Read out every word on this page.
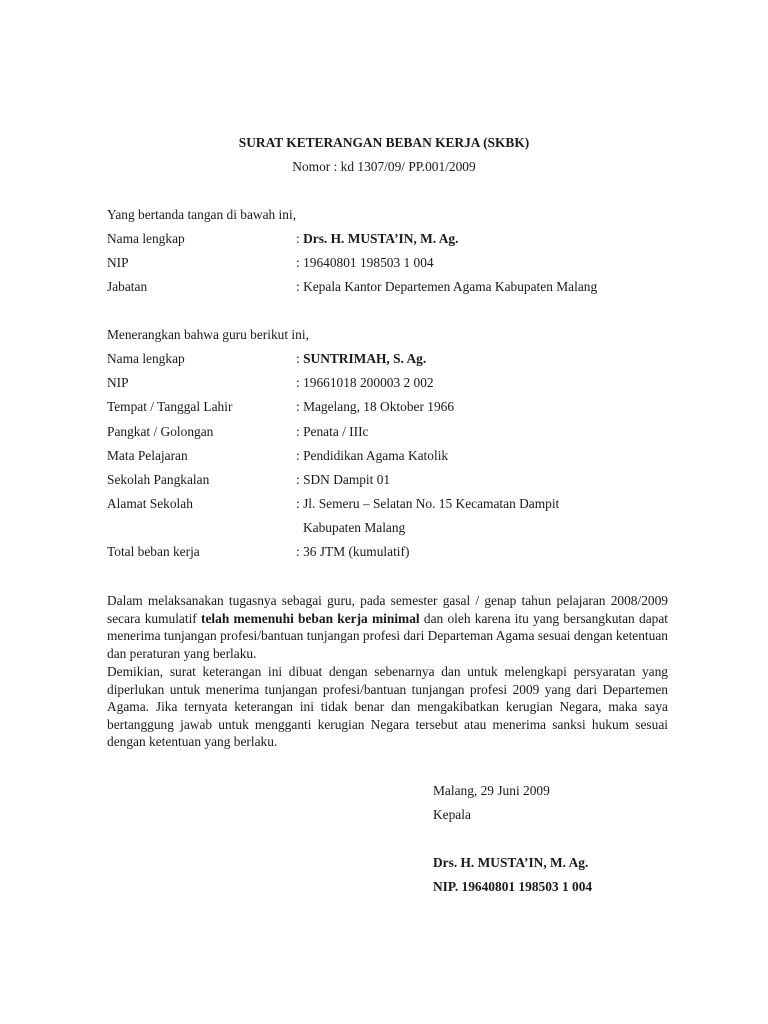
SURAT KETERANGAN BEBAN KERJA (SKBK)
Nomor : kd 1307/09/ PP.001/2009
Yang bertanda tangan di bawah ini,
Nama lengkap	: Drs. H. MUSTA’IN, M. Ag.
NIP	: 19640801 198503 1 004
Jabatan	: Kepala Kantor Departemen Agama Kabupaten Malang
Menerangkan bahwa guru berikut ini,
Nama lengkap	: SUNTRIMAH, S. Ag.
NIP	: 19661018 200003 2 002
Tempat / Tanggal Lahir	: Magelang, 18 Oktober 1966
Pangkat / Golongan	: Penata / IIIc
Mata Pelajaran	: Pendidikan Agama Katolik
Sekolah Pangkalan	: SDN Dampit 01
Alamat Sekolah	: Jl. Semeru – Selatan No. 15 Kecamatan Dampit
Kabupaten Malang
Total beban kerja	: 36 JTM (kumulatif)
Dalam melaksanakan tugasnya sebagai guru, pada semester gasal / genap tahun pelajaran 2008/2009 secara kumulatif telah memenuhi beban kerja minimal dan oleh karena itu yang bersangkutan dapat menerima tunjangan profesi/bantuan tunjangan profesi dari Departeman Agama sesuai dengan ketentuan dan peraturan yang berlaku.
Demikian, surat keterangan ini dibuat dengan sebenarnya dan untuk melengkapi persyaratan yang diperlukan untuk menerima tunjangan profesi/bantuan tunjangan profesi 2009 yang dari Departemen Agama. Jika ternyata keterangan ini tidak benar dan mengakibatkan kerugian Negara, maka saya bertanggung jawab untuk mengganti kerugian Negara tersebut atau menerima sanksi hukum sesuai dengan ketentuan yang berlaku.
Malang, 29 Juni 2009
Kepala
Drs. H. MUSTA’IN, M. Ag.
NIP. 19640801 198503 1 004
